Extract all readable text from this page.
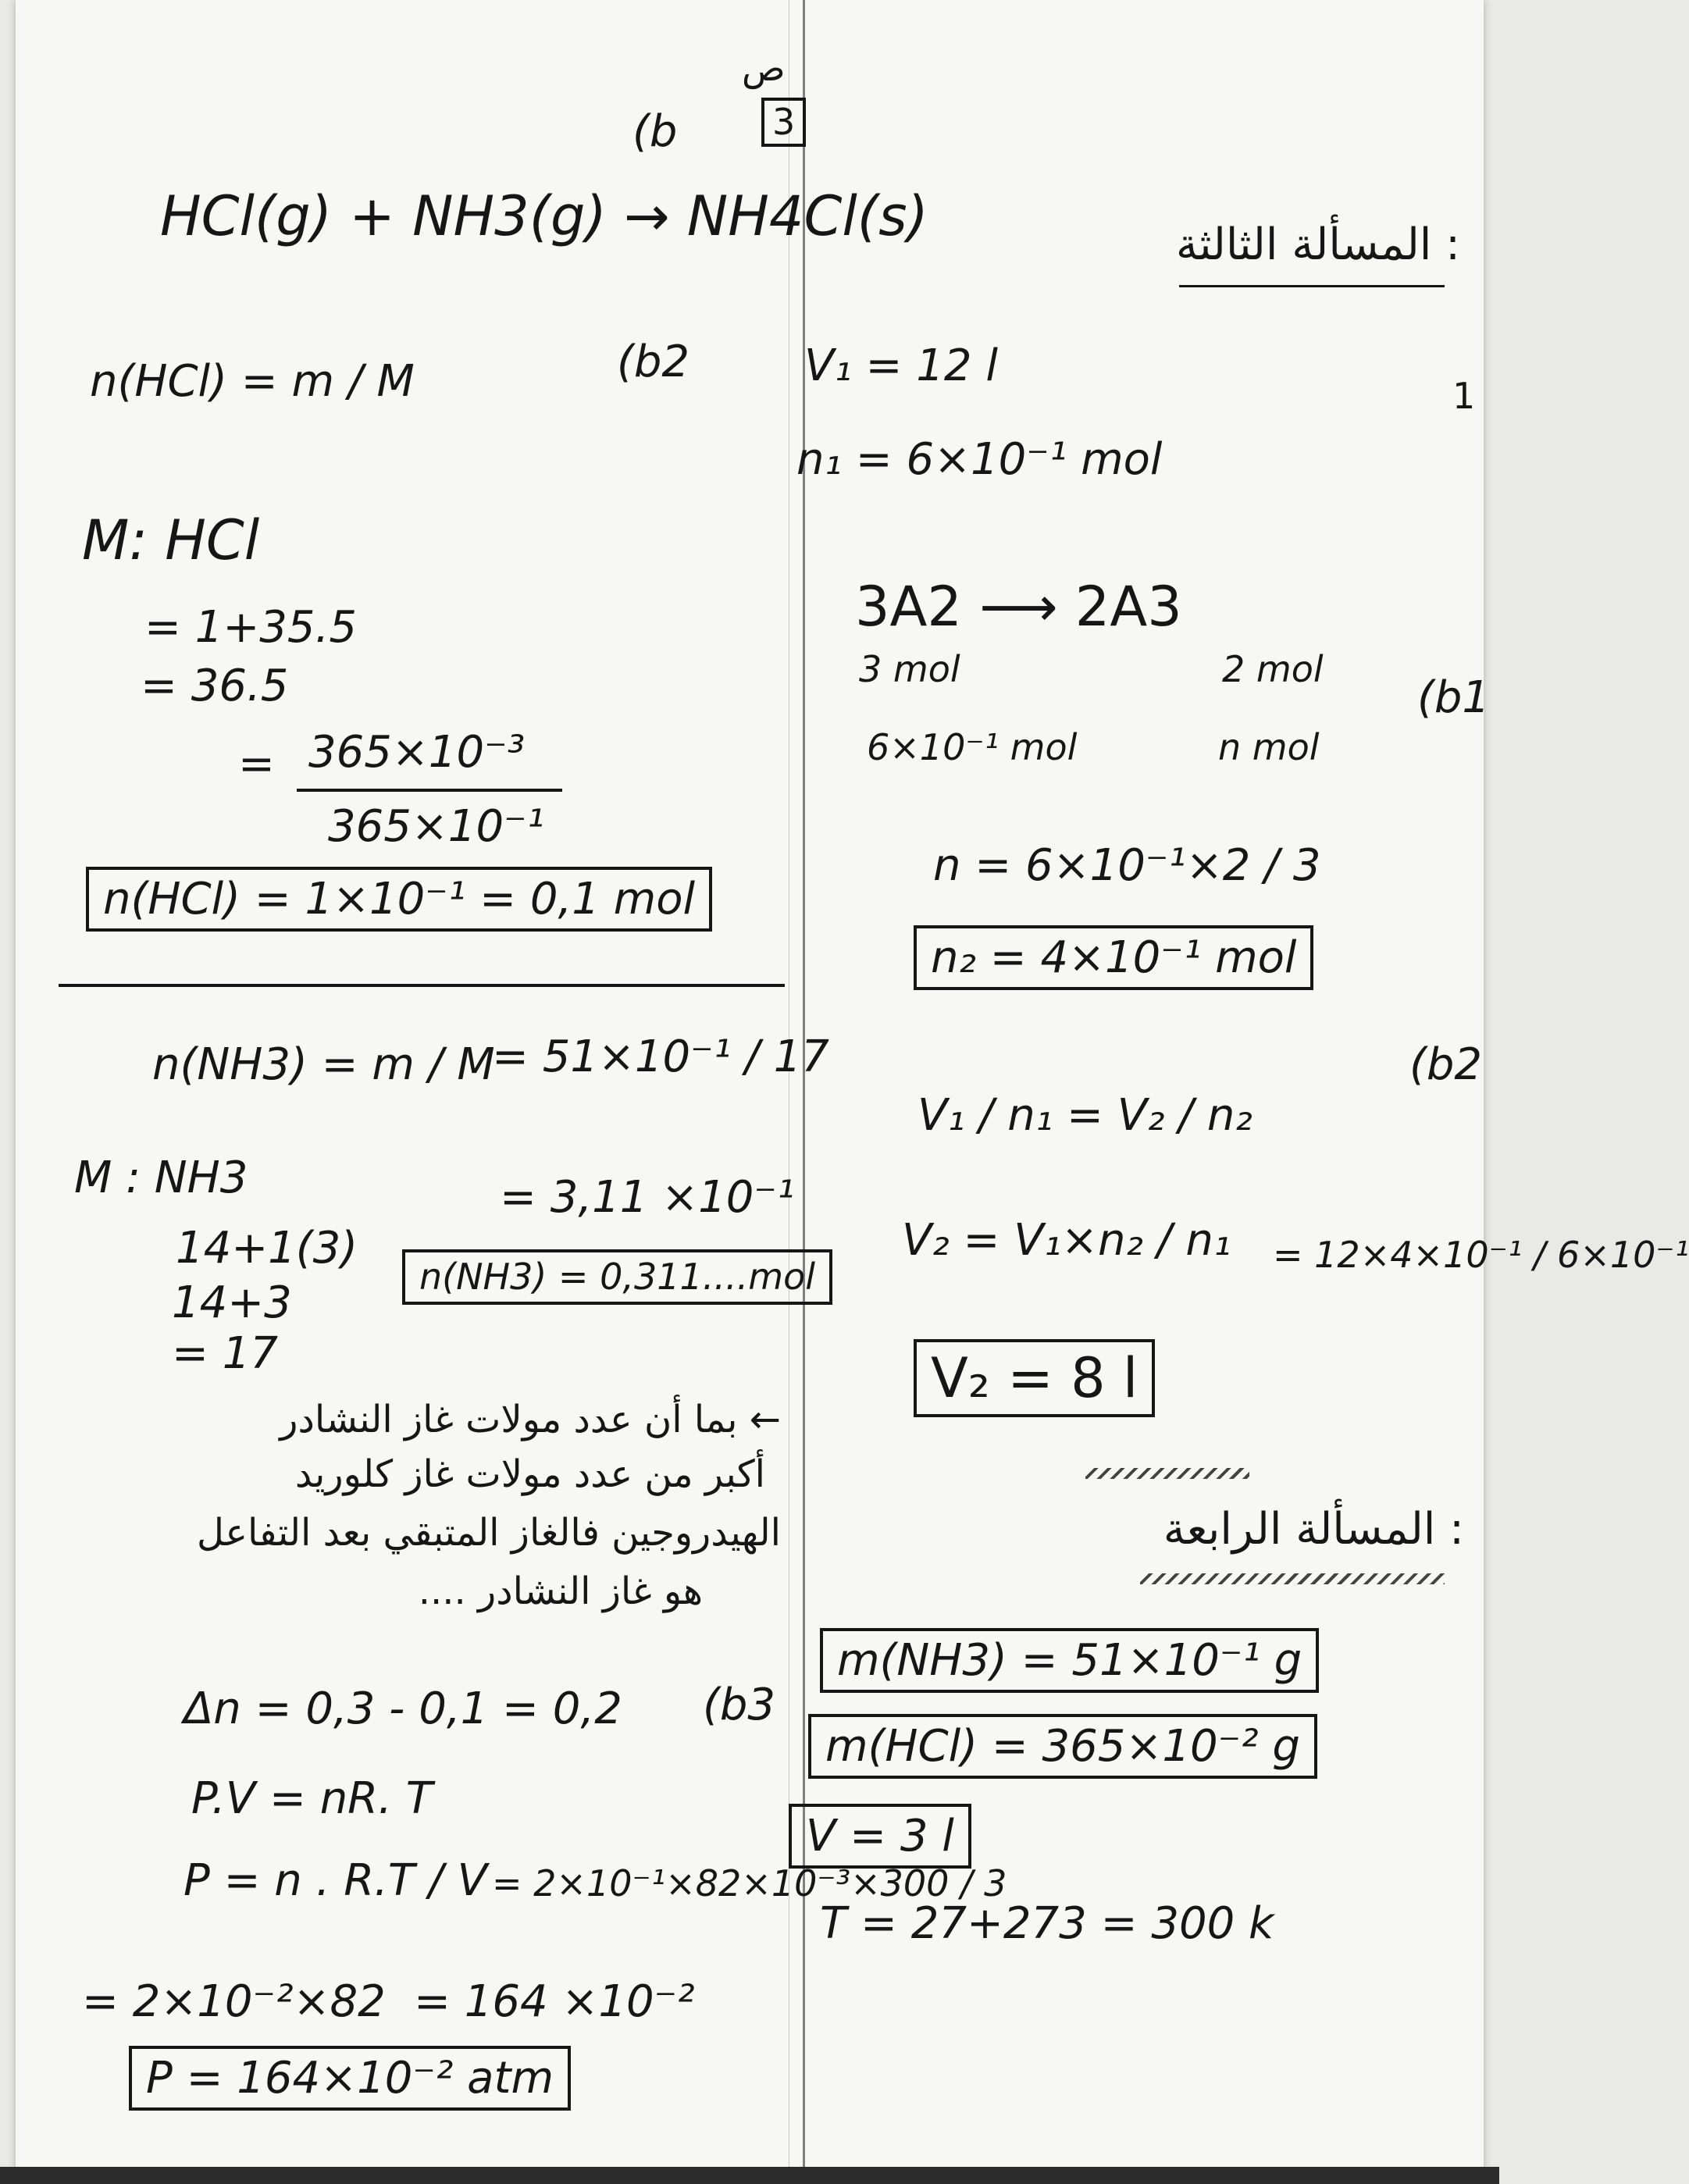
ص

3

(b

HCl(g) + NH3(g) → NH4Cl(s)

n(HCl) = m / M	(b2

M: HCl

= 1+35.5

= 36.5

= 365×10⁻³

365×10⁻¹

n(HCl) = 1×10⁻¹ = 0,1 mol

n(NH3) = m / M

= 51×10⁻¹ / 17

M : NH3

14+1(3)

14+3

= 17

= 3,11 ×10⁻¹

n(NH3) = 0,311....mol

← بما أن عدد مولات غاز النشادر

أكبر من عدد مولات غاز كلوريد

الهيدروجين فالغاز المتبقي بعد التفاعل

هو غاز النشادر ....

Δn = 0,3 - 0,1 = 0,2 (b3

P.V = nR. T

P = n . R.T / V = 2×10⁻¹×82×10⁻³×300 / 3

= 2×10⁻²×82 = 164 ×10⁻²

P = 164×10⁻² atm

: المسألة الثالثة

1

V₁ = 12 l

n₁ = 6×10⁻¹ mol

3A2 ⟶ 2A3

3 mol	2 mol

6×10⁻¹ mol	n mol

(b1

n = 6×10⁻¹×2 / 3

n₂ = 4×10⁻¹ mol

(b2

V₁ / n₁ = V₂ / n₂

V₂ = V₁×n₂ / n₁ = 12×4×10⁻¹ / 6×10⁻¹

V₂ = 8 l

: المسألة الرابعة

m(NH3) = 51×10⁻¹ g

m(HCl) = 365×10⁻² g

V = 3 l

T = 27+273 = 300 k
